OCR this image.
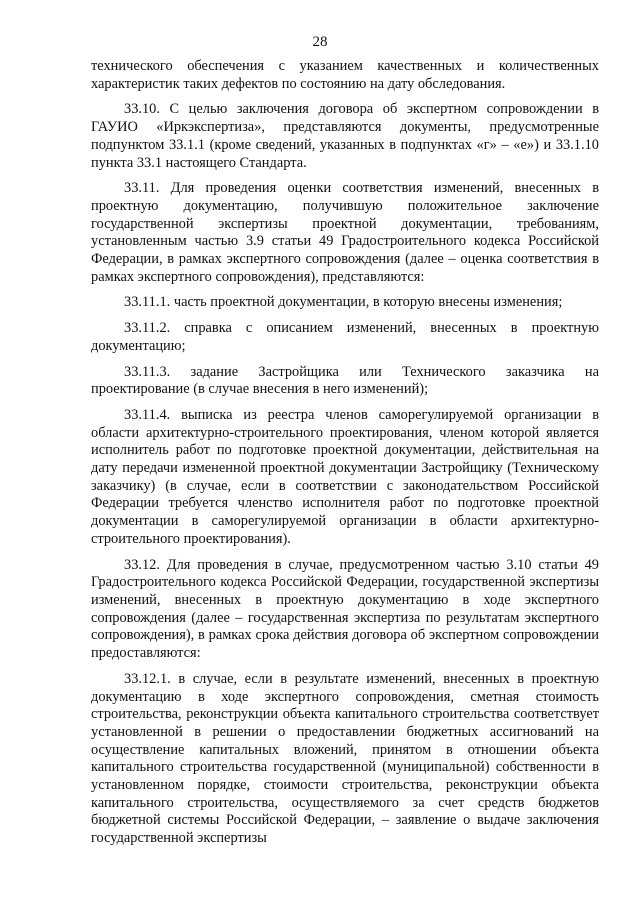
28

технического обеспечения с указанием качественных и количественных характеристик таких дефектов по состоянию на дату обследования.

33.10. С целью заключения договора об экспертном сопровождении в ГАУИО «Иркэкспертиза», представляются документы, предусмотренные подпунктом 33.1.1 (кроме сведений, указанных в подпунктах «г» – «е») и 33.1.10 пункта 33.1 настоящего Стандарта.

33.11. Для проведения оценки соответствия изменений, внесенных в проектную документацию, получившую положительное заключение государственной экспертизы проектной документации, требованиям, установленным частью 3.9 статьи 49 Градостроительного кодекса Российской Федерации, в рамках экспертного сопровождения (далее – оценка соответствия в рамках экспертного сопровождения), представляются:

33.11.1. часть проектной документации, в которую внесены изменения;

33.11.2. справка с описанием изменений, внесенных в проектную документацию;

33.11.3. задание Застройщика или Технического заказчика на проектирование (в случае внесения в него изменений);

33.11.4. выписка из реестра членов саморегулируемой организации в области архитектурно-строительного проектирования, членом которой является исполнитель работ по подготовке проектной документации, действительная на дату передачи измененной проектной документации Застройщику (Техническому заказчику) (в случае, если в соответствии с законодательством Российской Федерации требуется членство исполнителя работ по подготовке проектной документации в саморегулируемой организации в области архитектурно-строительного проектирования).

33.12. Для проведения в случае, предусмотренном частью 3.10 статьи 49 Градостроительного кодекса Российской Федерации, государственной экспертизы изменений, внесенных в проектную документацию в ходе экспертного сопровождения (далее – государственная экспертиза по результатам экспертного сопровождения), в рамках срока действия договора об экспертном сопровождении предоставляются:

33.12.1. в случае, если в результате изменений, внесенных в проектную документацию в ходе экспертного сопровождения, сметная стоимость строительства, реконструкции объекта капитального строительства соответствует установленной в решении о предоставлении бюджетных ассигнований на осуществление капитальных вложений, принятом в отношении объекта капитального строительства государственной (муниципальной) собственности в установленном порядке, стоимости строительства, реконструкции объекта капитального строительства, осуществляемого за счет средств бюджетов бюджетной системы Российской Федерации, – заявление о выдаче заключения государственной экспертизы
